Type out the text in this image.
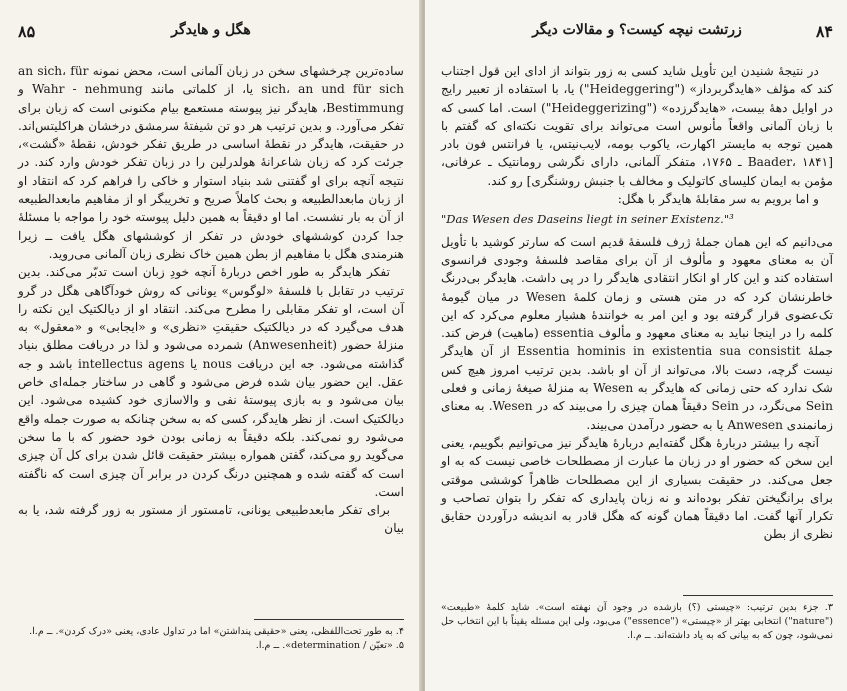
۸۵	هگل و هایدگر

ساده‌ترین چرخشهای سخن در زبان آلمانی است، محض نمونه an sich، für sich، an und für sich یا، از کلماتی مانند Wahr - nehmung و Bestimmung، هایدگر نیز پیوسته مستعمع بیام مکنونی است که زبان برای تفکر می‌آورد. و بدین ترتیب هر دو تن شیفتهٔ سرمشق درخشان هراکلیتس‌اند. در حقیقت، هایدگر در نقطهٔ اساسی در طریق تفکر خودش، نقطهٔ «گشت»، جرئت کرد که زبان شاعرانهٔ هولدرلین را در زبان تفکر خودش وارد کند. در نتیجه آنچه برای او گفتنی شد بنیاد استوار و خاکی را فراهم کرد که انتقاد او از زبان مابعدالطبیعه و بحث کاملاً صریح و تخریبگر او از مفاهیم مابعدالطبیعه از آن به بار نشست. اما او دقیقاً به همین دلیل پیوسته خود را مواجه با مسئلهٔ جدا کردن کوششهای خودش در تفکر از کوششهای هگل یافت ــ زیرا هنرمندی هگل با مفاهیم از بطن همین خاک نظری زبان آلمانی می‌روید.

تفکر هایدگر به طور اخص دربارهٔ آنچه خودِ زبان است تدبّر می‌کند. بدین ترتیب در تقابل با فلسفهٔ «لوگوس» یونانی که روش خودآگاهی هگل در گرو آن است، او تفکر مقابلی را مطرح می‌کند. انتقاد او از دیالکتیک این نکته را هدف می‌گیرد که در دیالکتیک حقیقتِ «نظری» و «ایجابی» و «معقول» به منزلهٔ حضور (Anwesenheit) شمرده می‌شود و لذا در دریافت مطلق بنیاد گذاشته می‌شود. جه این دریافت nous یا intellectus agens باشد و جه عقل. این حضور بیان شده فرض می‌شود و گاهی در ساختار جمله‌ای خاص بیان می‌شود و به بازی پیوستهٔ نفی و والاسازی خود کشیده می‌شود. این دیالکتیک است. از نظر هایدگر، کسی که به سخن چنانکه به صورت جمله واقع می‌شود رو نمی‌کند. بلکه دقیقاً به زمانی بودن خود حضور که با ما سخن می‌گوید رو می‌کند، گفتن همواره بیشتر حقیقت قائل شدن برای کل آن چیزی است که گفته شده و همچنین درنگ کردن در برابر آن چیزی است که ناگفته است.

برای تفکر مابعدطبیعی یونانی، تامستور از مستور به زور گرفته شد، یا به بیان

۴. به طور تحت‌اللفظی، یعنی «حقیقی پنداشتن» اما در تداول عادی، یعنی «درک کردن». ــ م.ا.

۵. «تعیّن / determination». ــ م.ا.

۸۴
زرتشت نیچه کیست؟ و مقالات دیگر

در نتیجهٔ شنیدن این تأویل شاید کسی به زور بتواند از ادای این قول اجتناب کند که مؤلف «هایدگربرداز» ("Heideggering") یا، با استفاده از تعبیر رایج در اوایل دههٔ بیست، «هایدگرزده» ("Heideggerizing") است. اما کسی که با زبان آلمانی واقعاً مأنوس است می‌تواند برای تقویت نکته‌ای که گفتم با همین توجه به مایستر اکهارت، یاکوب بومه، لایب‌نیتس، یا فرانتس فون بادر [Baader، ۱۸۴۱ ـ ۱۷۶۵، متفکر آلمانی، دارای نگرشی رومانتیک ـ عرفانی، مؤمن به ایمان کلیسای کاتولیک و مخالف با جنبش روشنگری] رو کند.

و اما برویم به سر مقابلهٔ هایدگر با هگل:

"Das Wesen des Daseins liegt in seiner Existenz."³

می‌دانیم که این همان جملهٔ ژرف فلسفهٔ قدیم است که سارتر کوشید با تأویل آن به معنای معهود و مألوف از آن برای مقاصد فلسفهٔ وجودی فرانسوی استفاده کند و این کار او انکار انتقادی هایدگر را در پی داشت. هایدگر بی‌درنگ خاطرنشان کرد که در متن هستی و زمان کلمهٔ Wesen در میان گیومهٔ تک‌عضوی قرار گرفته بود و این امر به خوانندهٔ هشیار معلوم می‌کرد که این کلمه را در اینجا نباید به معنای معهود و مألوف essentia (ماهیت) فرض کند. جملهٔ Essentia hominis in existentia sua consistit از آن هایدگر نیست گرچه، دست بالا، می‌تواند از آن او باشد. بدین ترتیب امروز هیچ کس شک ندارد که حتی زمانی که هایدگر به Wesen به منزلهٔ صیغهٔ زمانی و فعلی Sein می‌نگرد، در Sein دقیقاً همان چیزی را می‌بیند که در Wesen. به معنای زمانمندی Anwesen یا به حضور درآمدن می‌بیند.

آنچه را بیشتر دربارهٔ هگل گفته‌ایم دربارهٔ هایدگر نیز می‌توانیم بگوییم، یعنی این سخن که حضور او در زبان ما عبارت از مصطلحات خاصی نیست که به او جعل می‌کند. در حقیقت بسیاری از این مصطلحات ظاهراً کوششی موقتی برای برانگیختن تفکر بوده‌اند و نه زبان پایداری که تفکر را بتوان تصاحب و تکرار آنها گفت. اما دقیقاً همان گونه که هگل قادر به اندیشه درآوردن حقایق نظری از بطن

۳. جزء بدین ترتیب: «چیستی (؟) بازشده در وجود آن نهفته است». شاید کلمهٔ «طبیعت» ("nature") انتخابی بهتر از «چیستی» ("essence") می‌بود، ولی این مسئله یقیناً با این انتخاب حل نمی‌شود، چون که به بیانی که به یاد داشته‌اند. ــ م.ا.
